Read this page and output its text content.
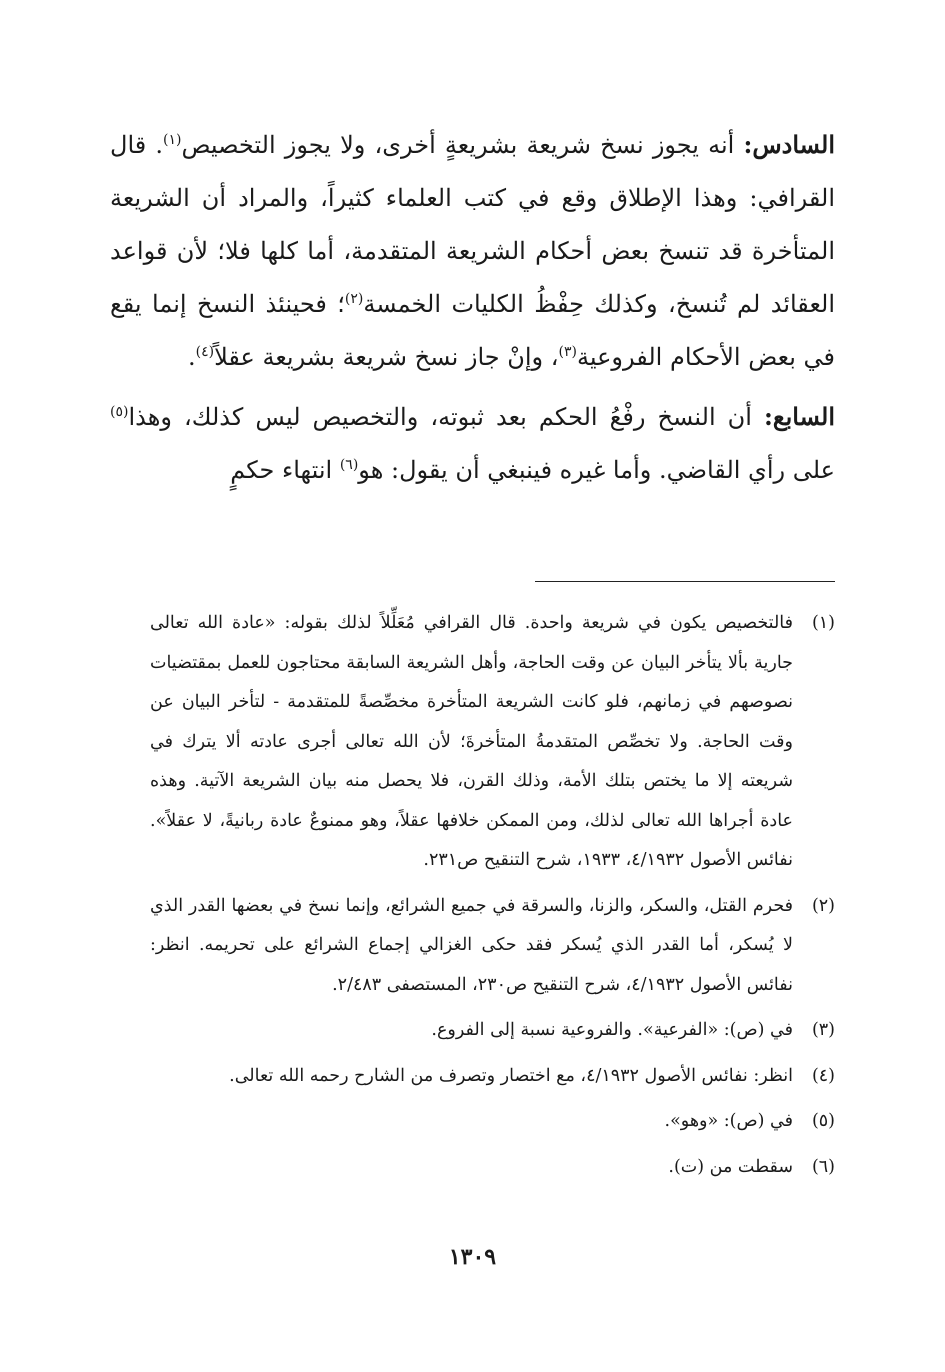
السادس: أنه يجوز نسخ شريعة بشريعةٍ أخرى، ولا يجوز التخصيص$^{(١)}$. قال القرافي: وهذا الإطلاق وقع في كتب العلماء كثيراً، والمراد أن الشريعة المتأخرة قد تنسخ بعض أحكام الشريعة المتقدمة، أما كلها فلا؛ لأن قواعد العقائد لم تُنسخ، وكذلك حِفْظُ الكليات الخمسة$^{(٢)}$؛ فحينئذ النسخ إنما يقع في بعض الأحكام الفروعية$^{(٣)}$، وإنْ جاز نسخ شريعة بشريعة عقلاً$^{(٤)}$.

السابع: أن النسخ رفْعُ الحكم بعد ثبوته، والتخصيص ليس كذلك، وهذا$^{(٥)}$ على رأي القاضي. وأما غيره فينبغي أن يقول: هو$^{(٦)}$ انتهاء حكمٍ

(١)
فالتخصيص يكون في شريعة واحدة. قال القرافي مُعَلِّلاً لذلك بقوله: «عادة الله تعالى جارية بألا يتأخر البيان عن وقت الحاجة، وأهل الشريعة السابقة محتاجون للعمل بمقتضيات نصوصهم في زمانهم، فلو كانت الشريعة المتأخرة مخصِّصةً للمتقدمة - لتأخر البيان عن وقت الحاجة. ولا تخصِّص المتقدمةُ المتأخرةَ؛ لأن الله تعالى أجرى عادته ألا يترك في شريعته إلا ما يختص بتلك الأمة، وذلك القرن، فلا يحصل منه بيان الشريعة الآتية. وهذه عادة أجراها الله تعالى لذلك، ومن الممكن خلافها عقلاً، وهو ممنوعٌ عادة ربانيةً، لا عقلاً». نفائس الأصول ٤/١٩٣٢، ١٩٣٣، شرح التنقيح ص٢٣١.
(٢)
فحرم القتل، والسكر، والزنا، والسرقة في جميع الشرائع، وإنما نسخ في بعضها القدر الذي لا يُسكر، أما القدر الذي يُسكر فقد حكى الغزالي إجماع الشرائع على تحريمه. انظر: نفائس الأصول ٤/١٩٣٢، شرح التنقيح ص٢٣٠، المستصفى ٢/٤٨٣.
(٣)
في (ص): «الفرعية». والفروعية نسبة إلى الفروع.
(٤)
انظر: نفائس الأصول ٤/١٩٣٢، مع اختصار وتصرف من الشارح رحمه الله تعالى.
(٥)
في (ص): «وهو».
(٦)
سقطت من (ت).
١٣٠٩
